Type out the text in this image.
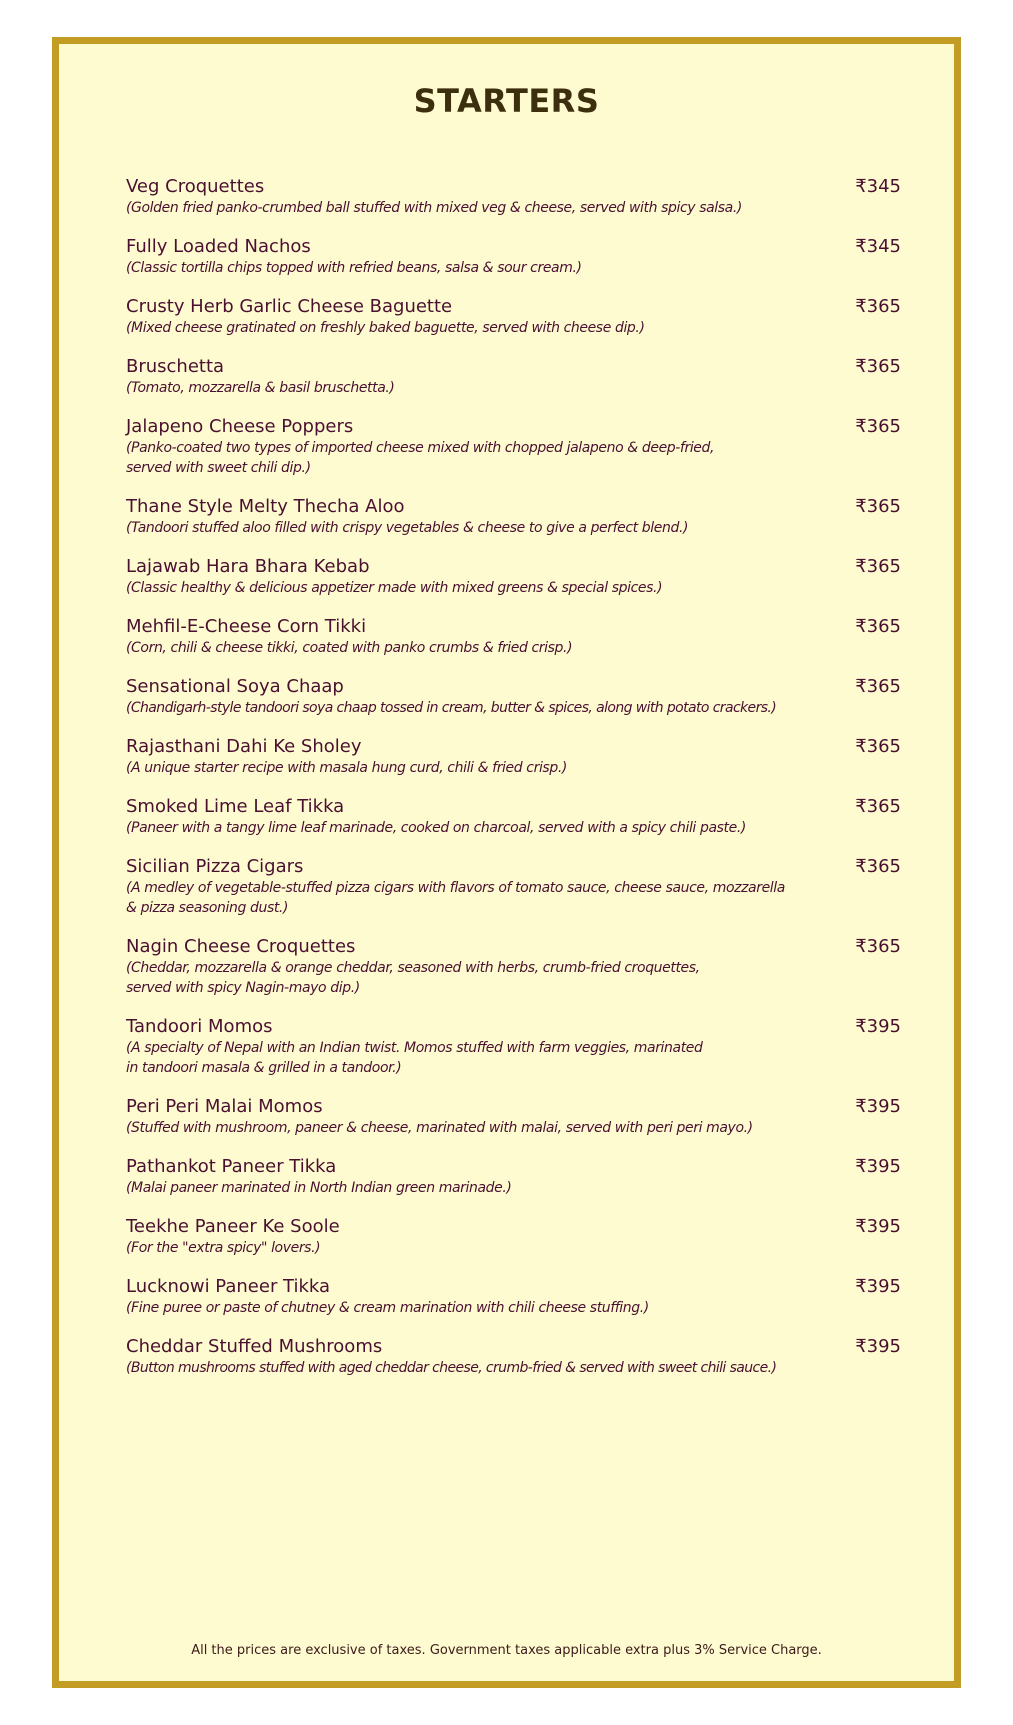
STARTERS
Veg Croquettes	₹345
(Golden fried panko-crumbed ball stuffed with mixed veg & cheese, served with spicy salsa.)
Fully Loaded Nachos	₹345
(Classic tortilla chips topped with refried beans, salsa & sour cream.)
Crusty Herb Garlic Cheese Baguette	₹365
(Mixed cheese gratinated on freshly baked baguette, served with cheese dip.)
Bruschetta	₹365
(Tomato, mozzarella & basil bruschetta.)
Jalapeno Cheese Poppers	₹365
(Panko-coated two types of imported cheese mixed with chopped jalapeno & deep-fried,
served with sweet chili dip.)
Thane Style Melty Thecha Aloo	₹365
(Tandoori stuffed aloo filled with crispy vegetables & cheese to give a perfect blend.)
Lajawab Hara Bhara Kebab	₹365
(Classic healthy & delicious appetizer made with mixed greens & special spices.)
Mehfil-E-Cheese Corn Tikki	₹365
(Corn, chili & cheese tikki, coated with panko crumbs & fried crisp.)
Sensational Soya Chaap	₹365
(Chandigarh-style tandoori soya chaap tossed in cream, butter & spices, along with potato crackers.)
Rajasthani Dahi Ke Sholey	₹365
(A unique starter recipe with masala hung curd, chili & fried crisp.)
Smoked Lime Leaf Tikka	₹365
(Paneer with a tangy lime leaf marinade, cooked on charcoal, served with a spicy chili paste.)
Sicilian Pizza Cigars	₹365
(A medley of vegetable-stuffed pizza cigars with flavors of tomato sauce, cheese sauce, mozzarella
& pizza seasoning dust.)
Nagin Cheese Croquettes	₹365
(Cheddar, mozzarella & orange cheddar, seasoned with herbs, crumb-fried croquettes,
served with spicy Nagin-mayo dip.)
Tandoori Momos	₹395
(A specialty of Nepal with an Indian twist. Momos stuffed with farm veggies, marinated
in tandoori masala & grilled in a tandoor.)
Peri Peri Malai Momos	₹395
(Stuffed with mushroom, paneer & cheese, marinated with malai, served with peri peri mayo.)
Pathankot Paneer Tikka	₹395
(Malai paneer marinated in North Indian green marinade.)
Teekhe Paneer Ke Soole	₹395
(For the "extra spicy" lovers.)
Lucknowi Paneer Tikka	₹395
(Fine puree or paste of chutney & cream marination with chili cheese stuffing.)
Cheddar Stuffed Mushrooms	₹395
(Button mushrooms stuffed with aged cheddar cheese, crumb-fried & served with sweet chili sauce.)
All the prices are exclusive of taxes. Government taxes applicable extra plus 3% Service Charge.
